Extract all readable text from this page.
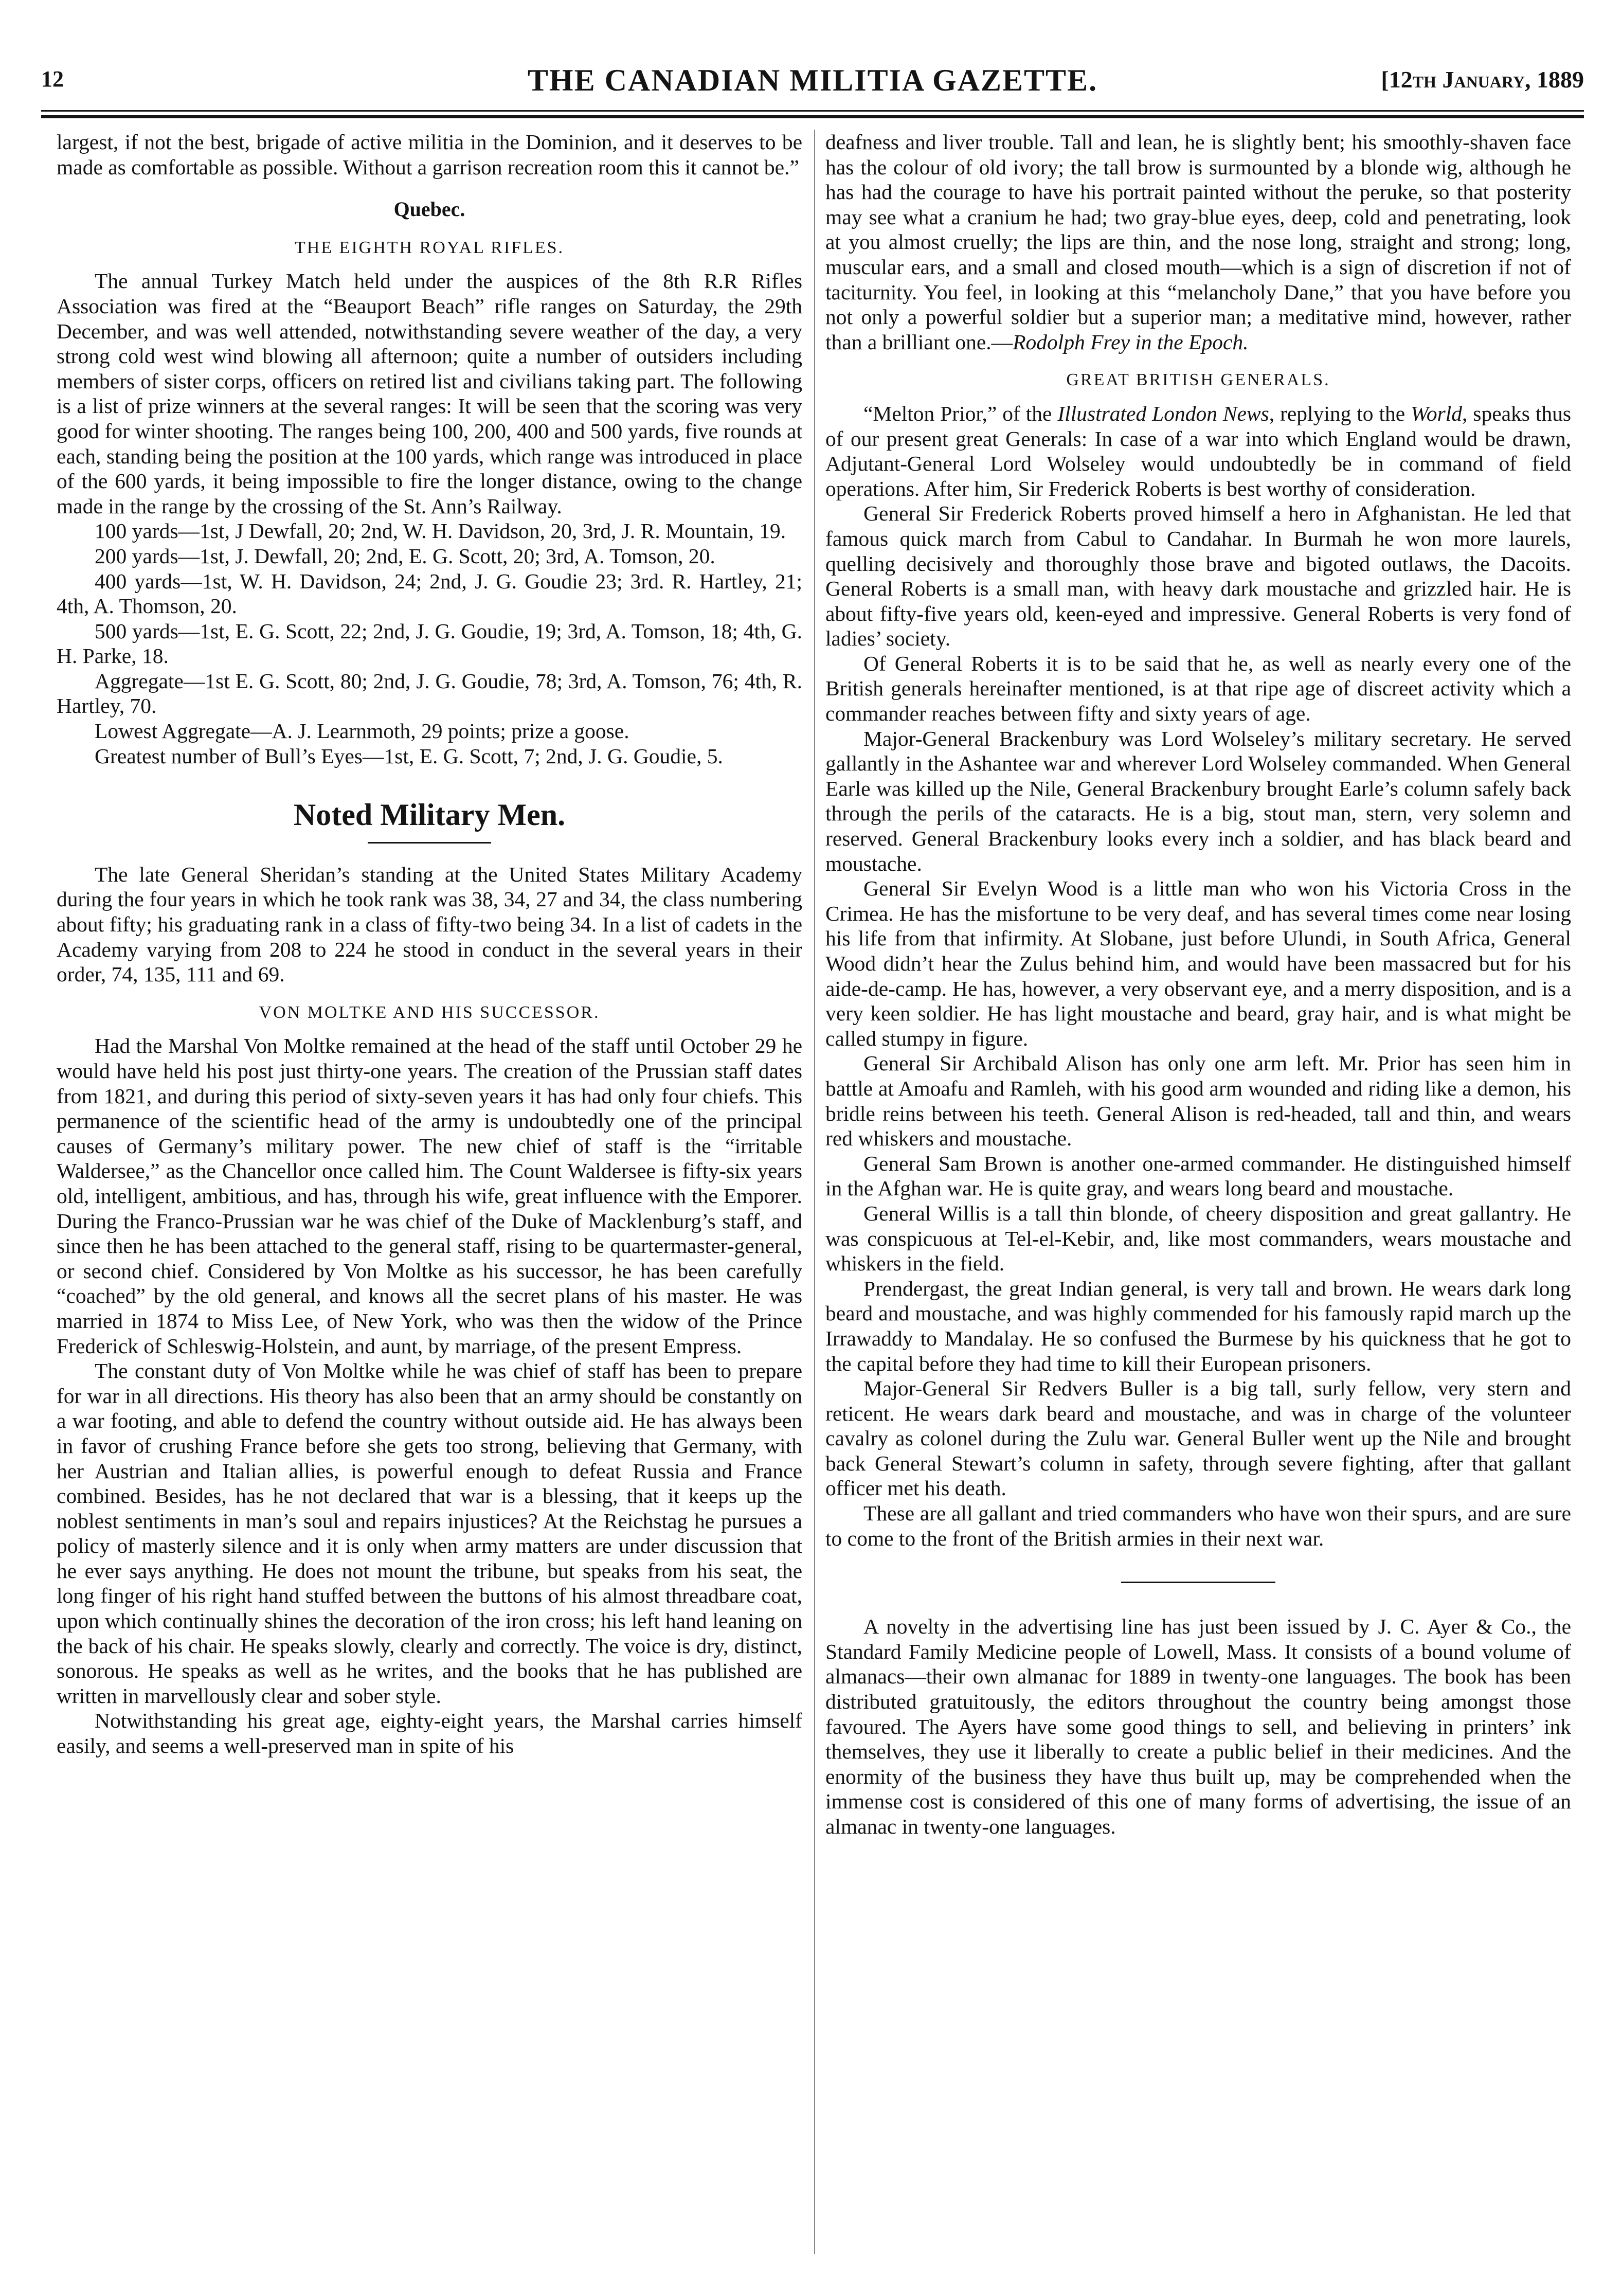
12	THE CANADIAN MILITIA GAZETTE.	[12th January, 1889

largest, if not the best, brigade of active militia in the Dominion, and it deserves to be made as comfortable as possible. Without a garrison recreation room this it cannot be.”

Quebec.

THE EIGHTH ROYAL RIFLES.

The annual Turkey Match held under the auspices of the 8th R.R Rifles Association was fired at the “Beauport Beach” rifle ranges on Saturday, the 29th December, and was well attended, notwithstanding severe weather of the day, a very strong cold west wind blowing all afternoon; quite a number of outsiders including members of sister corps, officers on retired list and civilians taking part. The following is a list of prize winners at the several ranges: It will be seen that the scoring was very good for winter shooting. The ranges being 100, 200, 400 and 500 yards, five rounds at each, standing being the position at the 100 yards, which range was introduced in place of the 600 yards, it being impossible to fire the longer distance, owing to the change made in the range by the crossing of the St. Ann’s Railway.

100 yards—1st, J Dewfall, 20; 2nd, W. H. Davidson, 20, 3rd, J. R. Mountain, 19.

200 yards—1st, J. Dewfall, 20; 2nd, E. G. Scott, 20; 3rd, A. Tomson, 20.

400 yards—1st, W. H. Davidson, 24; 2nd, J. G. Goudie 23; 3rd. R. Hartley, 21; 4th, A. Thomson, 20.

500 yards—1st, E. G. Scott, 22; 2nd, J. G. Goudie, 19; 3rd, A. Tomson, 18; 4th, G. H. Parke, 18.

Aggregate—1st E. G. Scott, 80; 2nd, J. G. Goudie, 78; 3rd, A. Tomson, 76; 4th, R. Hartley, 70.

Lowest Aggregate—A. J. Learnmoth, 29 points; prize a goose.

Greatest number of Bull’s Eyes—1st, E. G. Scott, 7; 2nd, J. G. Goudie, 5.

Noted Military Men.

The late General Sheridan’s standing at the United States Military Academy during the four years in which he took rank was 38, 34, 27 and 34, the class numbering about fifty; his graduating rank in a class of fifty-two being 34. In a list of cadets in the Academy varying from 208 to 224 he stood in conduct in the several years in their order, 74, 135, 111 and 69.

VON MOLTKE AND HIS SUCCESSOR.

Had the Marshal Von Moltke remained at the head of the staff until October 29 he would have held his post just thirty-one years. The creation of the Prussian staff dates from 1821, and during this period of sixty-seven years it has had only four chiefs. This permanence of the scientific head of the army is undoubtedly one of the principal causes of Germany’s military power. The new chief of staff is the “irritable Waldersee,” as the Chancellor once called him. The Count Waldersee is fifty-six years old, intelligent, ambitious, and has, through his wife, great influence with the Emporer. During the Franco-Prussian war he was chief of the Duke of Macklenburg’s staff, and since then he has been attached to the general staff, rising to be quartermaster-general, or second chief. Considered by Von Moltke as his successor, he has been carefully “coached” by the old general, and knows all the secret plans of his master. He was married in 1874 to Miss Lee, of New York, who was then the widow of the Prince Frederick of Schleswig-Holstein, and aunt, by marriage, of the present Empress.

The constant duty of Von Moltke while he was chief of staff has been to prepare for war in all directions. His theory has also been that an army should be constantly on a war footing, and able to defend the country without outside aid. He has always been in favor of crushing France before she gets too strong, believing that Germany, with her Austrian and Italian allies, is powerful enough to defeat Russia and France combined. Besides, has he not declared that war is a blessing, that it keeps up the noblest sentiments in man’s soul and repairs injustices? At the Reichstag he pursues a policy of masterly silence and it is only when army matters are under discussion that he ever says anything. He does not mount the tribune, but speaks from his seat, the long finger of his right hand stuffed between the buttons of his almost threadbare coat, upon which continually shines the decoration of the iron cross; his left hand leaning on the back of his chair. He speaks slowly, clearly and correctly. The voice is dry, distinct, sonorous. He speaks as well as he writes, and the books that he has published are written in marvellously clear and sober style.

Notwithstanding his great age, eighty-eight years, the Marshal carries himself easily, and seems a well-preserved man in spite of his

deafness and liver trouble. Tall and lean, he is slightly bent; his smoothly-shaven face has the colour of old ivory; the tall brow is surmounted by a blonde wig, although he has had the courage to have his portrait painted without the peruke, so that posterity may see what a cranium he had; two gray-blue eyes, deep, cold and penetrating, look at you almost cruelly; the lips are thin, and the nose long, straight and strong; long, muscular ears, and a small and closed mouth—which is a sign of discretion if not of taciturnity. You feel, in looking at this “melancholy Dane,” that you have before you not only a powerful soldier but a superior man; a meditative mind, however, rather than a brilliant one.—Rodolph Frey in the Epoch.

GREAT BRITISH GENERALS.

“Melton Prior,” of the Illustrated London News, replying to the World, speaks thus of our present great Generals: In case of a war into which England would be drawn, Adjutant-General Lord Wolseley would undoubtedly be in command of field operations. After him, Sir Frederick Roberts is best worthy of consideration.

General Sir Frederick Roberts proved himself a hero in Afghanistan. He led that famous quick march from Cabul to Candahar. In Burmah he won more laurels, quelling decisively and thoroughly those brave and bigoted outlaws, the Dacoits. General Roberts is a small man, with heavy dark moustache and grizzled hair. He is about fifty-five years old, keen-eyed and impressive. General Roberts is very fond of ladies’ society.

Of General Roberts it is to be said that he, as well as nearly every one of the British generals hereinafter mentioned, is at that ripe age of discreet activity which a commander reaches between fifty and sixty years of age.

Major-General Brackenbury was Lord Wolseley’s military secretary. He served gallantly in the Ashantee war and wherever Lord Wolseley commanded. When General Earle was killed up the Nile, General Brackenbury brought Earle’s column safely back through the perils of the cataracts. He is a big, stout man, stern, very solemn and reserved. General Brackenbury looks every inch a soldier, and has black beard and moustache.

General Sir Evelyn Wood is a little man who won his Victoria Cross in the Crimea. He has the misfortune to be very deaf, and has several times come near losing his life from that infirmity. At Slobane, just before Ulundi, in South Africa, General Wood didn’t hear the Zulus behind him, and would have been massacred but for his aide-de-camp. He has, however, a very observant eye, and a merry disposition, and is a very keen soldier. He has light moustache and beard, gray hair, and is what might be called stumpy in figure.

General Sir Archibald Alison has only one arm left. Mr. Prior has seen him in battle at Amoafu and Ramleh, with his good arm wounded and riding like a demon, his bridle reins between his teeth. General Alison is red-headed, tall and thin, and wears red whiskers and moustache.

General Sam Brown is another one-armed commander. He distinguished himself in the Afghan war. He is quite gray, and wears long beard and moustache.

General Willis is a tall thin blonde, of cheery disposition and great gallantry. He was conspicuous at Tel-el-Kebir, and, like most commanders, wears moustache and whiskers in the field.

Prendergast, the great Indian general, is very tall and brown. He wears dark long beard and moustache, and was highly commended for his famously rapid march up the Irrawaddy to Mandalay. He so confused the Burmese by his quickness that he got to the capital before they had time to kill their European prisoners.

Major-General Sir Redvers Buller is a big tall, surly fellow, very stern and reticent. He wears dark beard and moustache, and was in charge of the volunteer cavalry as colonel during the Zulu war. General Buller went up the Nile and brought back General Stewart’s column in safety, through severe fighting, after that gallant officer met his death.

These are all gallant and tried commanders who have won their spurs, and are sure to come to the front of the British armies in their next war.

A novelty in the advertising line has just been issued by J. C. Ayer & Co., the Standard Family Medicine people of Lowell, Mass. It consists of a bound volume of almanacs—their own almanac for 1889 in twenty-one languages. The book has been distributed gratuitously, the editors throughout the country being amongst those favoured. The Ayers have some good things to sell, and believing in printers’ ink themselves, they use it liberally to create a public belief in their medicines. And the enormity of the business they have thus built up, may be comprehended when the immense cost is considered of this one of many forms of advertising, the issue of an almanac in twenty-one languages.
